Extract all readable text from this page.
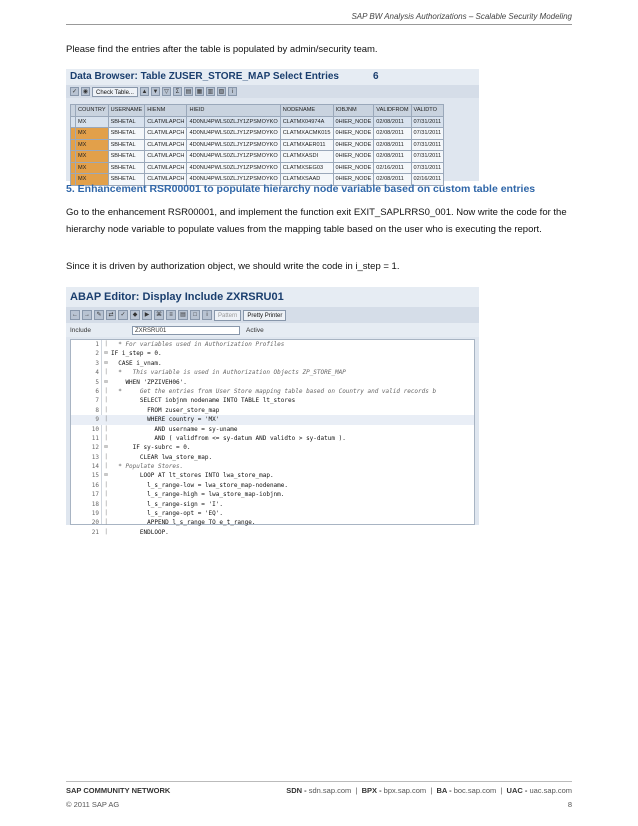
SAP BW Analysis Authorizations – Scalable Security Modeling
Please find the entries after the table is populated by admin/security team.
Data Browser: Table ZUSER_STORE_MAP Select Entries	6
✓ ◉	Check Table...	▲ ▼ ▽	Σ	▤ ▦ ▥ ▧	i
	COUNTRY	USERNAME	HIENM	HIEID	NODENAME	IOBJNM	VALIDFROM	VALIDTO
	MX	SBHETAL	CLATMLAPCH	4D0NU4PWLS0ZLJY1ZPSMOYKO	CLATMX04974A	0HIER_NODE	02/08/2011	07/31/2011
	MX	SBHETAL	CLATMLAPCH	4D0NU4PWLS0ZLJY1ZPSMOYKO	CLATMXACMK015	0HIER_NODE	02/08/2011	07/31/2011
	MX	SBHETAL	CLATMLAPCH	4D0NU4PWLS0ZLJY1ZPSMOYKO	CLATMXAER011	0HIER_NODE	02/08/2011	07/31/2011
	MX	SBHETAL	CLATMLAPCH	4D0NU4PWLS0ZLJY1ZPSMOYKO	CLATMXASDI	0HIER_NODE	02/08/2011	07/31/2011
	MX	SBHETAL	CLATMLAPCH	4D0NU4PWLS0ZLJY1ZPSMOYKO	CLATMXSEG03	0HIER_NODE	02/16/2011	07/31/2011
	MX	SBHETAL	CLATMLAPCH	4D0NU4PWLS0ZLJY1ZPSMOYKO	CLATMXSAAD	0HIER_NODE	02/08/2011	02/16/2011
5. Enhancement RSR00001 to populate hierarchy node variable based on custom table entries
Go to the enhancement RSR00001, and implement the function exit EXIT_SAPLRRS0_001. Now write the code for the hierarchy node variable to populate values from the mapping table based on the user who is executing the report.
Since it is driven by authorization object, we should write the code in i_step = 1.
ABAP Editor: Display Include ZXRSRU01
←	→	✎	⇄	✓	◆	▶	⌘	≡	▤	□	i	Pattern	Pretty Printer
Include	ZXRSRU01	Active
1 │ * For variables used in Authorization Profiles
2 ⊟ IF i_step = 0.
3 ⊟ CASE i_vnam.
4 │ *   This variable is used in Authorization Objects ZP_STORE_MAP
5 ⊟ WHEN 'ZPZIVEH06'.
6 │ *     Get the entries from User Store mapping table based on Country and valid records b
7 │ SELECT iobjnm nodename INTO TABLE lt_stores
8 │ FROM zuser_store_map
9 │ WHERE country = 'MX'
10 │ AND username = sy-uname
11 │ AND ( validfrom <= sy-datum AND validto > sy-datum ).
12 ⊟ IF sy-subrc = 0.
13 │ CLEAR lwa_store_map.
14 │ * Populate Stores.
15 ⊟ LOOP AT lt_stores INTO lwa_store_map.
16 │ l_s_range-low = lwa_store_map-nodename.
17 │ l_s_range-high = lwa_store_map-iobjnm.
18 │ l_s_range-sign = 'I'.
19 │ l_s_range-opt = 'EQ'.
20 │ APPEND l_s_range TO e_t_range.
21 │ ENDLOOP.
SAP COMMUNITY NETWORK	SDN - sdn.sap.com  |  BPX - bpx.sap.com  |  BA - boc.sap.com  |  UAC - uac.sap.com
© 2011 SAP AG	8
